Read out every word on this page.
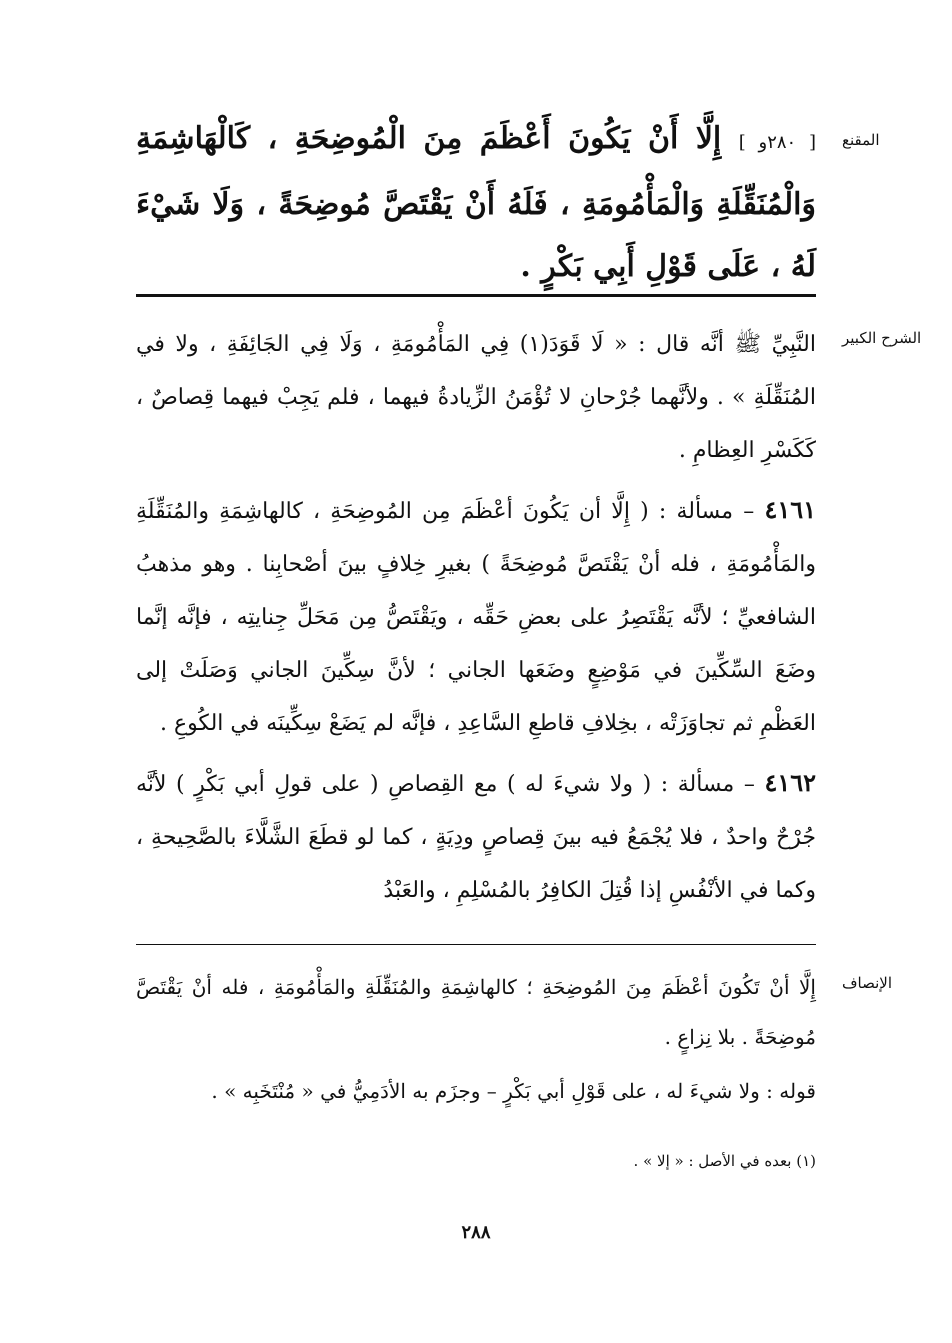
المقنع
الشرح الكبير
الإنصاف

[ ٢٨٠و ] إِلَّا أَنْ يَكُونَ أَعْظَمَ مِنَ الْمُوضِحَةِ ، كَالْهَاشِمَةِ وَالْمُنَقِّلَةِ وَالْمَأْمُومَةِ ، فَلَهُ أَنْ يَقْتَصَّ مُوضِحَةً ، وَلَا شَيْءَ لَهُ ، عَلَى قَوْلِ أَبِي بَكْرٍ .

النَّبِيِّ ﷺ أنَّه قال : « لَا قَوَدَ(١) فِي المَأْمُومَةِ ، وَلَا فِي الجَائِفَةِ ، ولا في المُنَقِّلَةِ » . ولأنَّهما جُرْحانِ لا تُؤْمَنُ الزِّيادةُ فيهما ، فلم يَجِبْ فيهما قِصاصٌ ، كَكَسْرِ العِظامِ .

٤١٦١ – مسألة : ( إِلَّا أن يَكُونَ أعْظَمَ مِن المُوضِحَةِ ، كالهاشِمَةِ والمُنَقِّلَةِ والمَأْمُومَةِ ، فله أنْ يَقْتَصَّ مُوضِحَةً ) بغيرِ خِلافٍ بينَ أصْحابِنا . وهو مذهبُ الشافعيِّ ؛ لأنَّه يَقْتَصِرُ على بعضِ حَقِّه ، ويَقْتَصُّ مِن مَحَلِّ جِنايتِه ، فإنَّه إنَّما وضَعَ السِّكِّينَ في مَوْضِعٍ وضَعَها الجاني ؛ لأنَّ سِكِّينَ الجاني وَصَلَتْ إلى العَظْمِ ثم تجاوَزَتْه ، بخِلافِ قاطعِ السَّاعِدِ ، فإنَّه لم يَضَعْ سِكِّينَه في الكُوعِ .

٤١٦٢ – مسألة : ( ولا شيءَ له ) مع القِصاصِ ( على قولِ أبي بَكْرٍ ) لأنَّه جُرْحٌ واحدٌ ، فلا يُجْمَعُ فيه بينَ قِصاصٍ ودِيَةٍ ، كما لو قطَعَ الشَّلَّاءَ بالصَّحِيحةِ ، وكما في الأنْفُسِ إذا قُتِلَ الكافِرُ بالمُسْلِمِ ، والعَبْدُ

إِلَّا أنْ تَكُونَ أعْظَمَ مِنَ المُوضِحَةِ ؛ كالهاشِمَةِ والمُنَقِّلَةِ والمَأْمُومَةِ ، فله أنْ يَقْتَصَّ مُوضِحَةً . بلا نِزاعٍ .

قوله : ولا شيءَ له ، على قَوْلِ أبي بَكْرٍ – وجزَم به الأدَمِيُّ في « مُنْتَخَبِه » .

(١) بعده في الأصل : « إلا » .
٢٨٨
